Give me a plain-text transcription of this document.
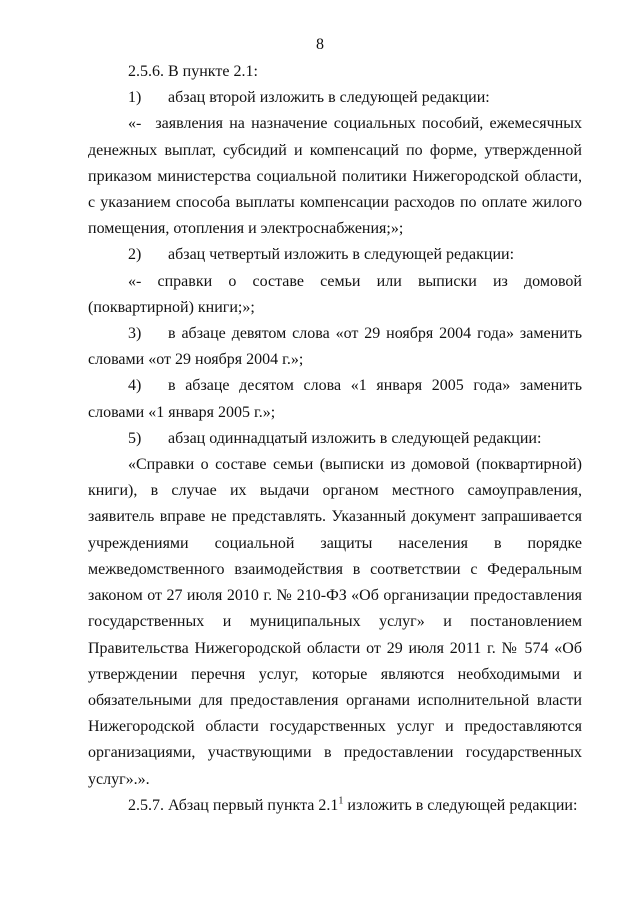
8

2.5.6. В пункте 2.1:

1)	абзац второй изложить в следующей редакции:
«- заявления на назначение социальных пособий, ежемесячных

денежных выплат, субсидий и компенсаций по форме, утвержденной приказом министерства социальной политики Нижегородской области, с указанием способа выплаты компенсации расходов по оплате жилого помещения, отопления и электроснабжения;»;

2)	абзац четвертый изложить в следующей редакции:

«- справки о составе семьи или выписки из домовой (поквартирной) книги;»;

3)	в абзаце девятом слова «от 29 ноября 2004 года» заменить словами «от 29 ноября 2004 г.»;

4)	в абзаце десятом слова «1 января 2005 года» заменить словами «1 января 2005 г.»;

5)	абзац одиннадцатый изложить в следующей редакции:

«Справки о составе семьи (выписки из домовой (поквартирной) книги), в случае их выдачи органом местного самоуправления, заявитель вправе не представлять. Указанный документ запрашивается учреждениями социальной защиты населения в порядке межведомственного взаимодействия в соответствии с Федеральным законом от 27 июля 2010 г. № 210-ФЗ «Об организации предоставления государственных и муниципальных услуг» и постановлением Правительства Нижегородской области от 29 июля 2011 г. № 574 «Об утверждении перечня услуг, которые являются необходимыми и обязательными для предоставления органами исполнительной власти Нижегородской области государственных услуг и предоставляются организациями, участвующими в предоставлении государственных услуг».».

2.5.7. Абзац первый пункта $2.1^1$ изложить в следующей редакции:
